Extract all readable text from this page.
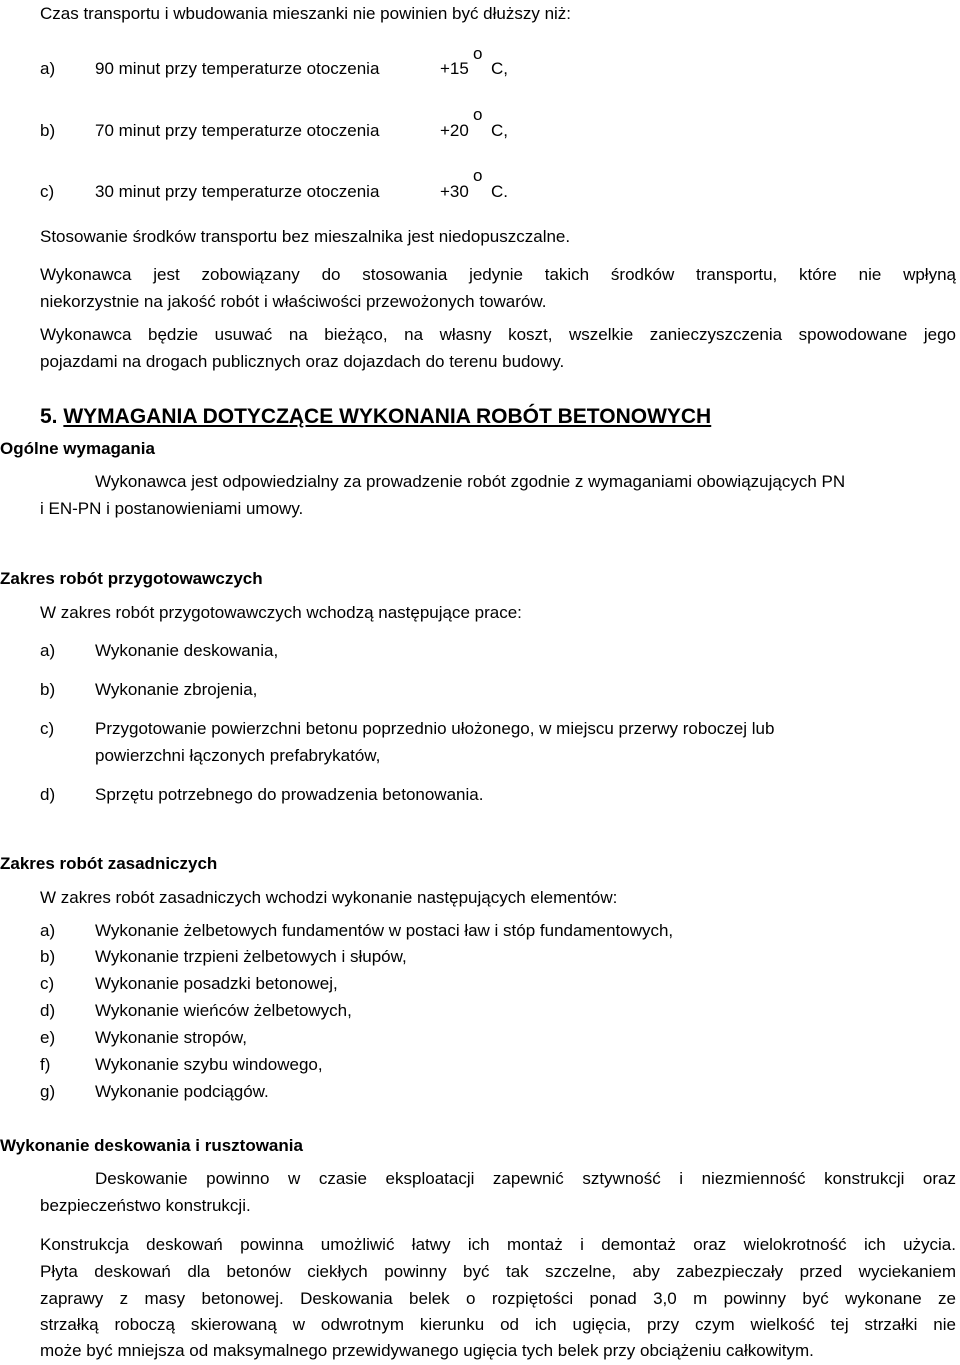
Czas transportu i wbudowania mieszanki nie powinien być dłuższy niż:
o
a) 90 minut przy temperaturze otoczenia	+15 C,
o
b) 70 minut przy temperaturze otoczenia	+20 C,
o
c) 30 minut przy temperaturze otoczenia	+30 C.
Stosowanie środków transportu bez mieszalnika jest niedopuszczalne.
Wykonawca jest zobowiązany do stosowania jedynie takich środków transportu, które nie wpłyną
niekorzystnie na jakość robót i właściwości przewożonych towarów.
Wykonawca będzie usuwać na bieżąco, na własny koszt, wszelkie zanieczyszczenia spowodowane jego
pojazdami na drogach publicznych oraz dojazdach do terenu budowy.
5. WYMAGANIA DOTYCZĄCE WYKONANIA ROBÓT BETONOWYCH
Ogólne wymagania
Wykonawca jest odpowiedzialny za prowadzenie robót zgodnie z wymaganiami obowiązujących PN
i EN-PN i postanowieniami umowy.
Zakres robót przygotowawczych
W zakres robót przygotowawczych wchodzą następujące prace:
a) Wykonanie deskowania,
b) Wykonanie zbrojenia,
c) Przygotowanie powierzchni betonu poprzednio ułożonego, w miejscu przerwy roboczej lub
powierzchni łączonych prefabrykatów,
d) Sprzętu potrzebnego do prowadzenia betonowania.
Zakres robót zasadniczych
W zakres robót zasadniczych wchodzi wykonanie następujących elementów:
a) Wykonanie żelbetowych fundamentów w postaci ław i stóp fundamentowych,
b) Wykonanie trzpieni żelbetowych i słupów,
c) Wykonanie posadzki betonowej,
d) Wykonanie wieńców żelbetowych,
e) Wykonanie stropów,
f)	Wykonanie szybu windowego,
g) Wykonanie podciągów.
Wykonanie deskowania i rusztowania
Deskowanie powinno w czasie eksploatacji zapewnić sztywność i niezmienność konstrukcji oraz
bezpieczeństwo konstrukcji.
Konstrukcja deskowań powinna umożliwić łatwy ich montaż i demontaż oraz wielokrotność ich użycia.
Płyta deskowań dla betonów ciekłych powinny być tak szczelne, aby zabezpieczały przed wyciekaniem
zaprawy z masy betonowej. Deskowania belek o rozpiętości ponad 3,0 m powinny być wykonane ze
strzałką roboczą skierowaną w odwrotnym kierunku od ich ugięcia, przy czym wielkość tej strzałki nie
może być mniejsza od maksymalnego przewidywanego ugięcia tych belek przy obciążeniu całkowitym.
